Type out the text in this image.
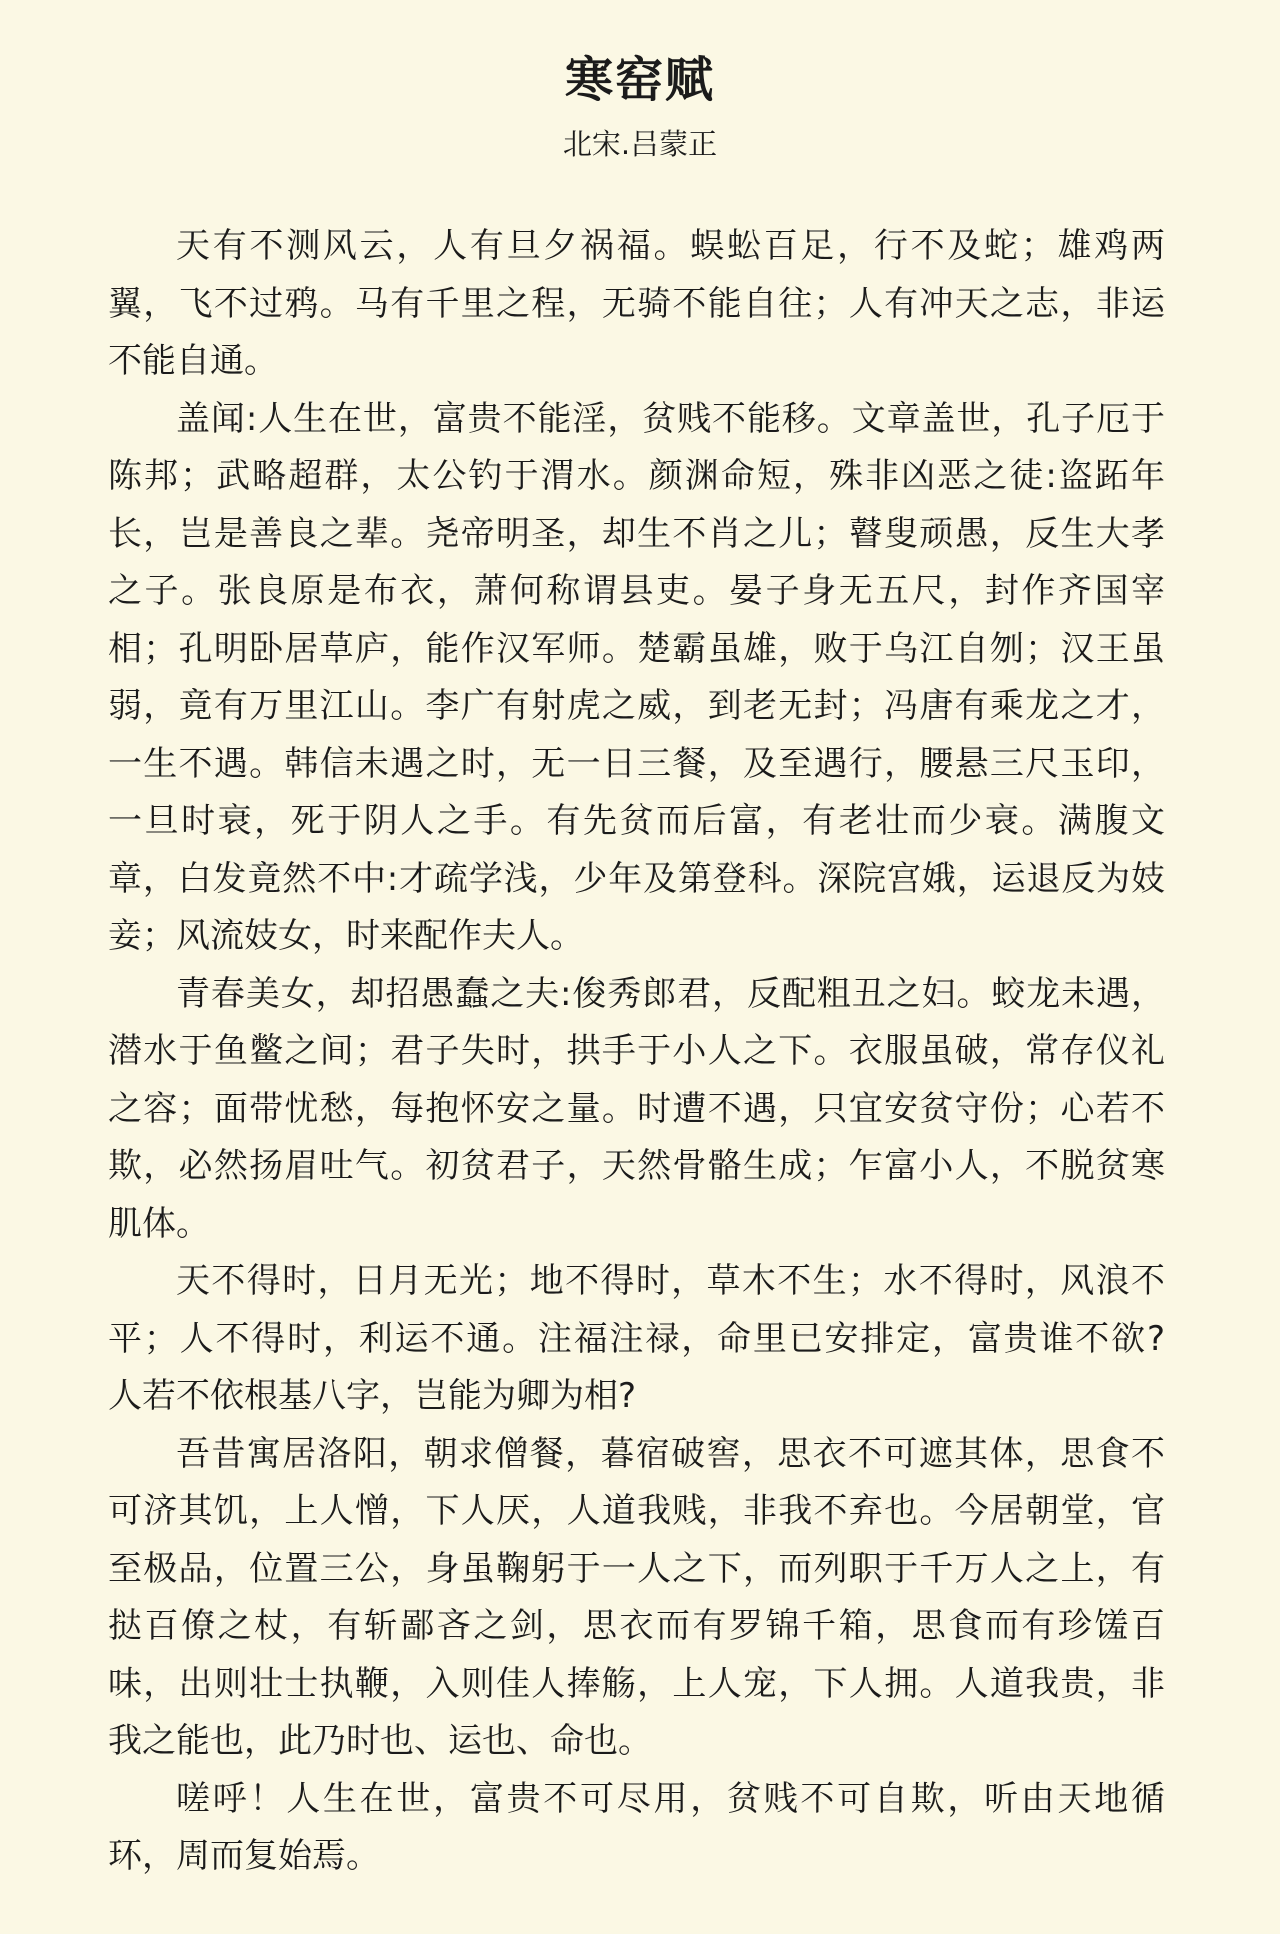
寒窑赋
北宋.吕蒙正
天有不测风云，人有旦夕祸福。蜈蚣百足，行不及蛇；雄鸡两
翼，飞不过鸦。马有千里之程，无骑不能自往；人有冲天之志，非运
不能自通。
盖闻:人生在世，富贵不能淫，贫贱不能移。文章盖世，孔子厄于
陈邦；武略超群，太公钓于渭水。颜渊命短，殊非凶恶之徒:盗跖年
长，岂是善良之辈。尧帝明圣，却生不肖之儿；瞽叟顽愚，反生大孝
之子。张良原是布衣，萧何称谓县吏。晏子身无五尺，封作齐国宰
相；孔明卧居草庐，能作汉军师。楚霸虽雄，败于乌江自刎；汉王虽
弱，竟有万里江山。李广有射虎之威，到老无封；冯唐有乘龙之才，
一生不遇。韩信未遇之时，无一日三餐，及至遇行，腰悬三尺玉印，
一旦时衰，死于阴人之手。有先贫而后富，有老壮而少衰。满腹文
章，白发竟然不中:才疏学浅，少年及第登科。深院宫娥，运退反为妓
妾；风流妓女，时来配作夫人。
青春美女，却招愚蠢之夫:俊秀郎君，反配粗丑之妇。蛟龙未遇，
潜水于鱼鳖之间；君子失时，拱手于小人之下。衣服虽破，常存仪礼
之容；面带忧愁，每抱怀安之量。时遭不遇，只宜安贫守份；心若不
欺，必然扬眉吐气。初贫君子，天然骨骼生成；乍富小人，不脱贫寒
肌体。
天不得时，日月无光；地不得时，草木不生；水不得时，风浪不
平；人不得时，利运不通。注福注禄，命里已安排定，富贵谁不欲?
人若不依根基八字，岂能为卿为相?
吾昔寓居洛阳，朝求僧餐，暮宿破窖，思衣不可遮其体，思食不
可济其饥，上人憎，下人厌，人道我贱，非我不弃也。今居朝堂，官
至极品，位置三公，身虽鞠躬于一人之下，而列职于千万人之上，有
挞百僚之杖，有斩鄙吝之剑，思衣而有罗锦千箱，思食而有珍馐百
味，出则壮士执鞭，入则佳人捧觞，上人宠，下人拥。人道我贵，非
我之能也，此乃时也、运也、命也。
嗟呼！人生在世，富贵不可尽用，贫贱不可自欺，听由天地循
环，周而复始焉。
